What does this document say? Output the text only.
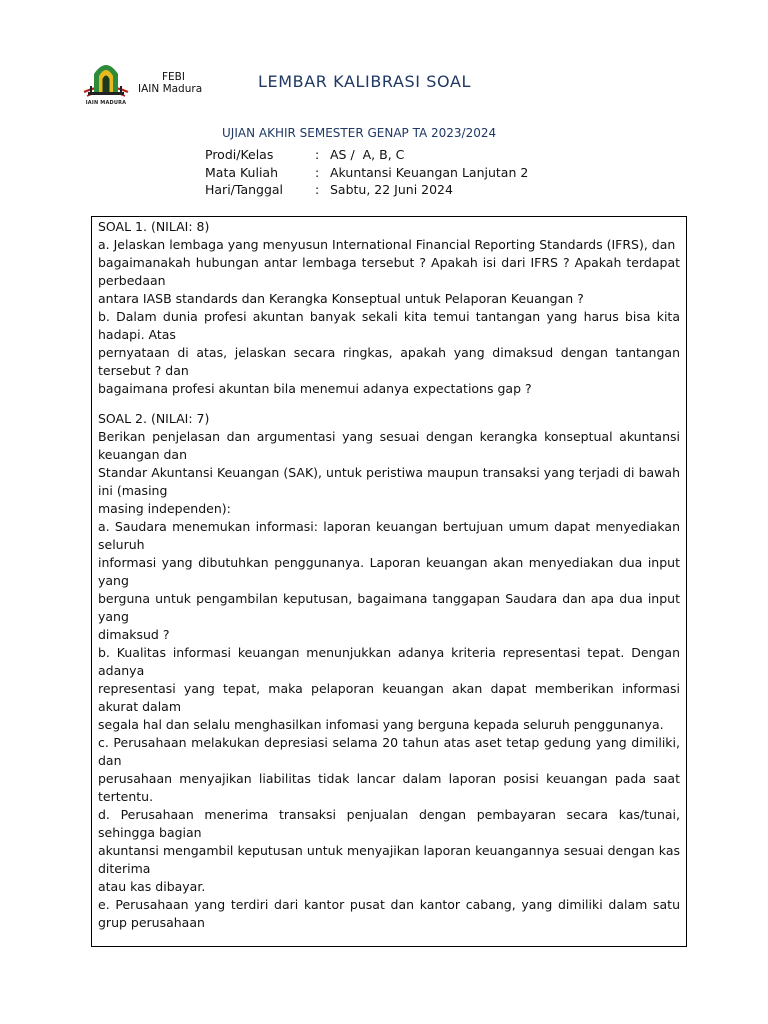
IAIN MADURA
FEBI
IAIN Madura	LEMBAR KALIBRASI SOAL
UJIAN AKHIR SEMESTER GENAP TA 2023/2024
Prodi/Kelas	: AS /  A, B, C
Mata Kuliah	: Akuntansi Keuangan Lanjutan 2
Hari/Tanggal	: Sabtu, 22 Juni 2024

SOAL 1. (NILAI: 8)

a. Jelaskan lembaga yang menyusun International Financial Reporting Standards (IFRS), dan

bagaimanakah hubungan antar lembaga tersebut ? Apakah isi dari IFRS ? Apakah terdapat perbedaan

antara IASB standards dan Kerangka Konseptual untuk Pelaporan Keuangan ?

b. Dalam dunia profesi akuntan banyak sekali kita temui tantangan yang harus bisa kita hadapi. Atas

pernyataan di atas, jelaskan secara ringkas, apakah yang dimaksud dengan tantangan tersebut ? dan

bagaimana profesi akuntan bila menemui adanya expectations gap ?

SOAL 2. (NILAI: 7)

Berikan penjelasan dan argumentasi yang sesuai dengan kerangka konseptual akuntansi keuangan dan

Standar Akuntansi Keuangan (SAK), untuk peristiwa maupun transaksi yang terjadi di bawah ini (masing

masing independen):

a. Saudara menemukan informasi: laporan keuangan bertujuan umum dapat menyediakan seluruh

informasi yang dibutuhkan penggunanya. Laporan keuangan akan menyediakan dua input yang

berguna untuk pengambilan keputusan, bagaimana tanggapan Saudara dan apa dua input yang

dimaksud ?

b. Kualitas informasi keuangan menunjukkan adanya kriteria representasi tepat. Dengan adanya

representasi yang tepat, maka pelaporan keuangan akan dapat memberikan informasi akurat dalam

segala hal dan selalu menghasilkan infomasi yang berguna kepada seluruh penggunanya.

c. Perusahaan melakukan depresiasi selama 20 tahun atas aset tetap gedung yang dimiliki, dan

perusahaan menyajikan liabilitas tidak lancar dalam laporan posisi keuangan pada saat tertentu.

d. Perusahaan menerima transaksi penjualan dengan pembayaran secara kas/tunai, sehingga bagian

akuntansi mengambil keputusan untuk menyajikan laporan keuangannya sesuai dengan kas diterima

atau kas dibayar.

e. Perusahaan yang terdiri dari kantor pusat dan kantor cabang, yang dimiliki dalam satu grup perusahaan
